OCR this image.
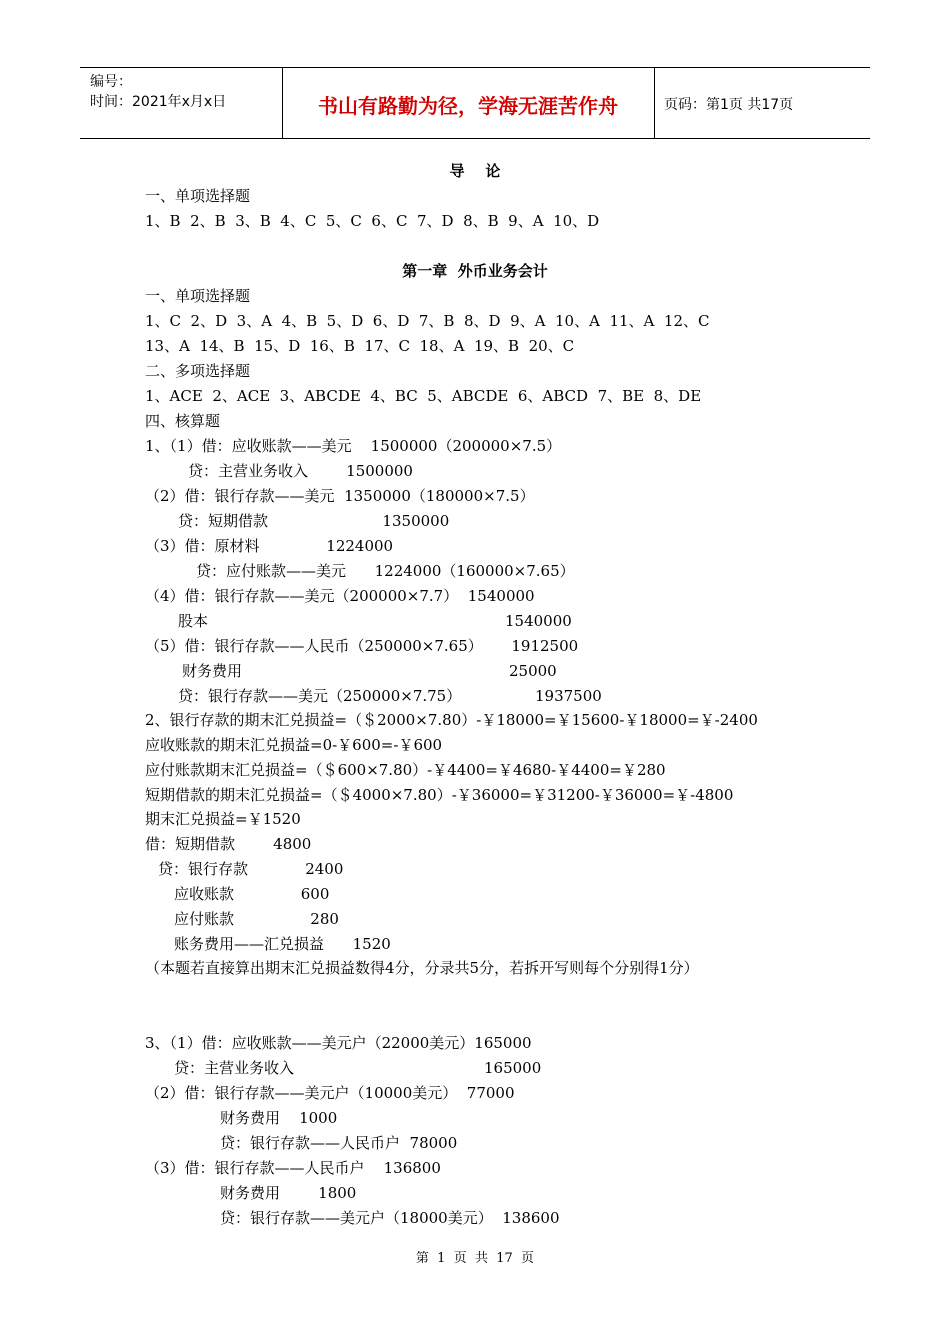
编号：
时间：2021年x月x日	书山有路勤为径，学海无涯苦作舟	页码：第1页 共17页
导    论
一、单项选择题
1、B  2、B  3、B  4、C  5、C  6、C  7、D  8、B  9、A  10、D
第一章  外币业务会计
一、单项选择题
1、C  2、D  3、A  4、B  5、D  6、D  7、B  8、D  9、A  10、A  11、A  12、C
13、A  14、B  15、D  16、B  17、C  18、A  19、B  20、C
二、多项选择题
1、ACE  2、ACE  3、ABCDE  4、BC  5、ABCDE  6、ABCD  7、BE  8、DE
四、核算题
1、（1）借：应收账款——美元    1500000（200000×7.5）
贷：主营业务收入        1500000
（2）借：银行存款——美元  1350000（180000×7.5）
贷：短期借款                        1350000
（3）借：原材料              1224000
贷：应付账款——美元      1224000（160000×7.65）
（4）借：银行存款——美元（200000×7.7）  1540000
股本	1540000
（5）借：银行存款——人民币（250000×7.65）      1912500
财务费用	25000
贷：银行存款——美元（250000×7.75）	1937500
2、银行存款的期末汇兑损益=（＄2000×7.80）-￥18000=￥15600-￥18000=￥-2400
应收账款的期末汇兑损益=0-￥600=-￥600
应付账款期末汇兑损益=（＄600×7.80）-￥4400=￥4680-￥4400=￥280
短期借款的期末汇兑损益=（＄4000×7.80）-￥36000=￥31200-￥36000=￥-4800
期末汇兑损益=￥1520
借：短期借款        4800
贷：银行存款            2400
应收账款              600
应付账款                280
账务费用——汇兑损益      1520
（本题若直接算出期末汇兑损益数得4分，分录共5分，若拆开写则每个分别得1分）
3、（1）借：应收账款——美元户（22000美元）165000
贷：主营业务收入	165000
（2）借：银行存款——美元户（10000美元）  77000
财务费用    1000
贷：银行存款——人民币户  78000
（3）借：银行存款——人民币户    136800
财务费用        1800
贷：银行存款——美元户（18000美元）  138600
第  1  页  共  17  页
